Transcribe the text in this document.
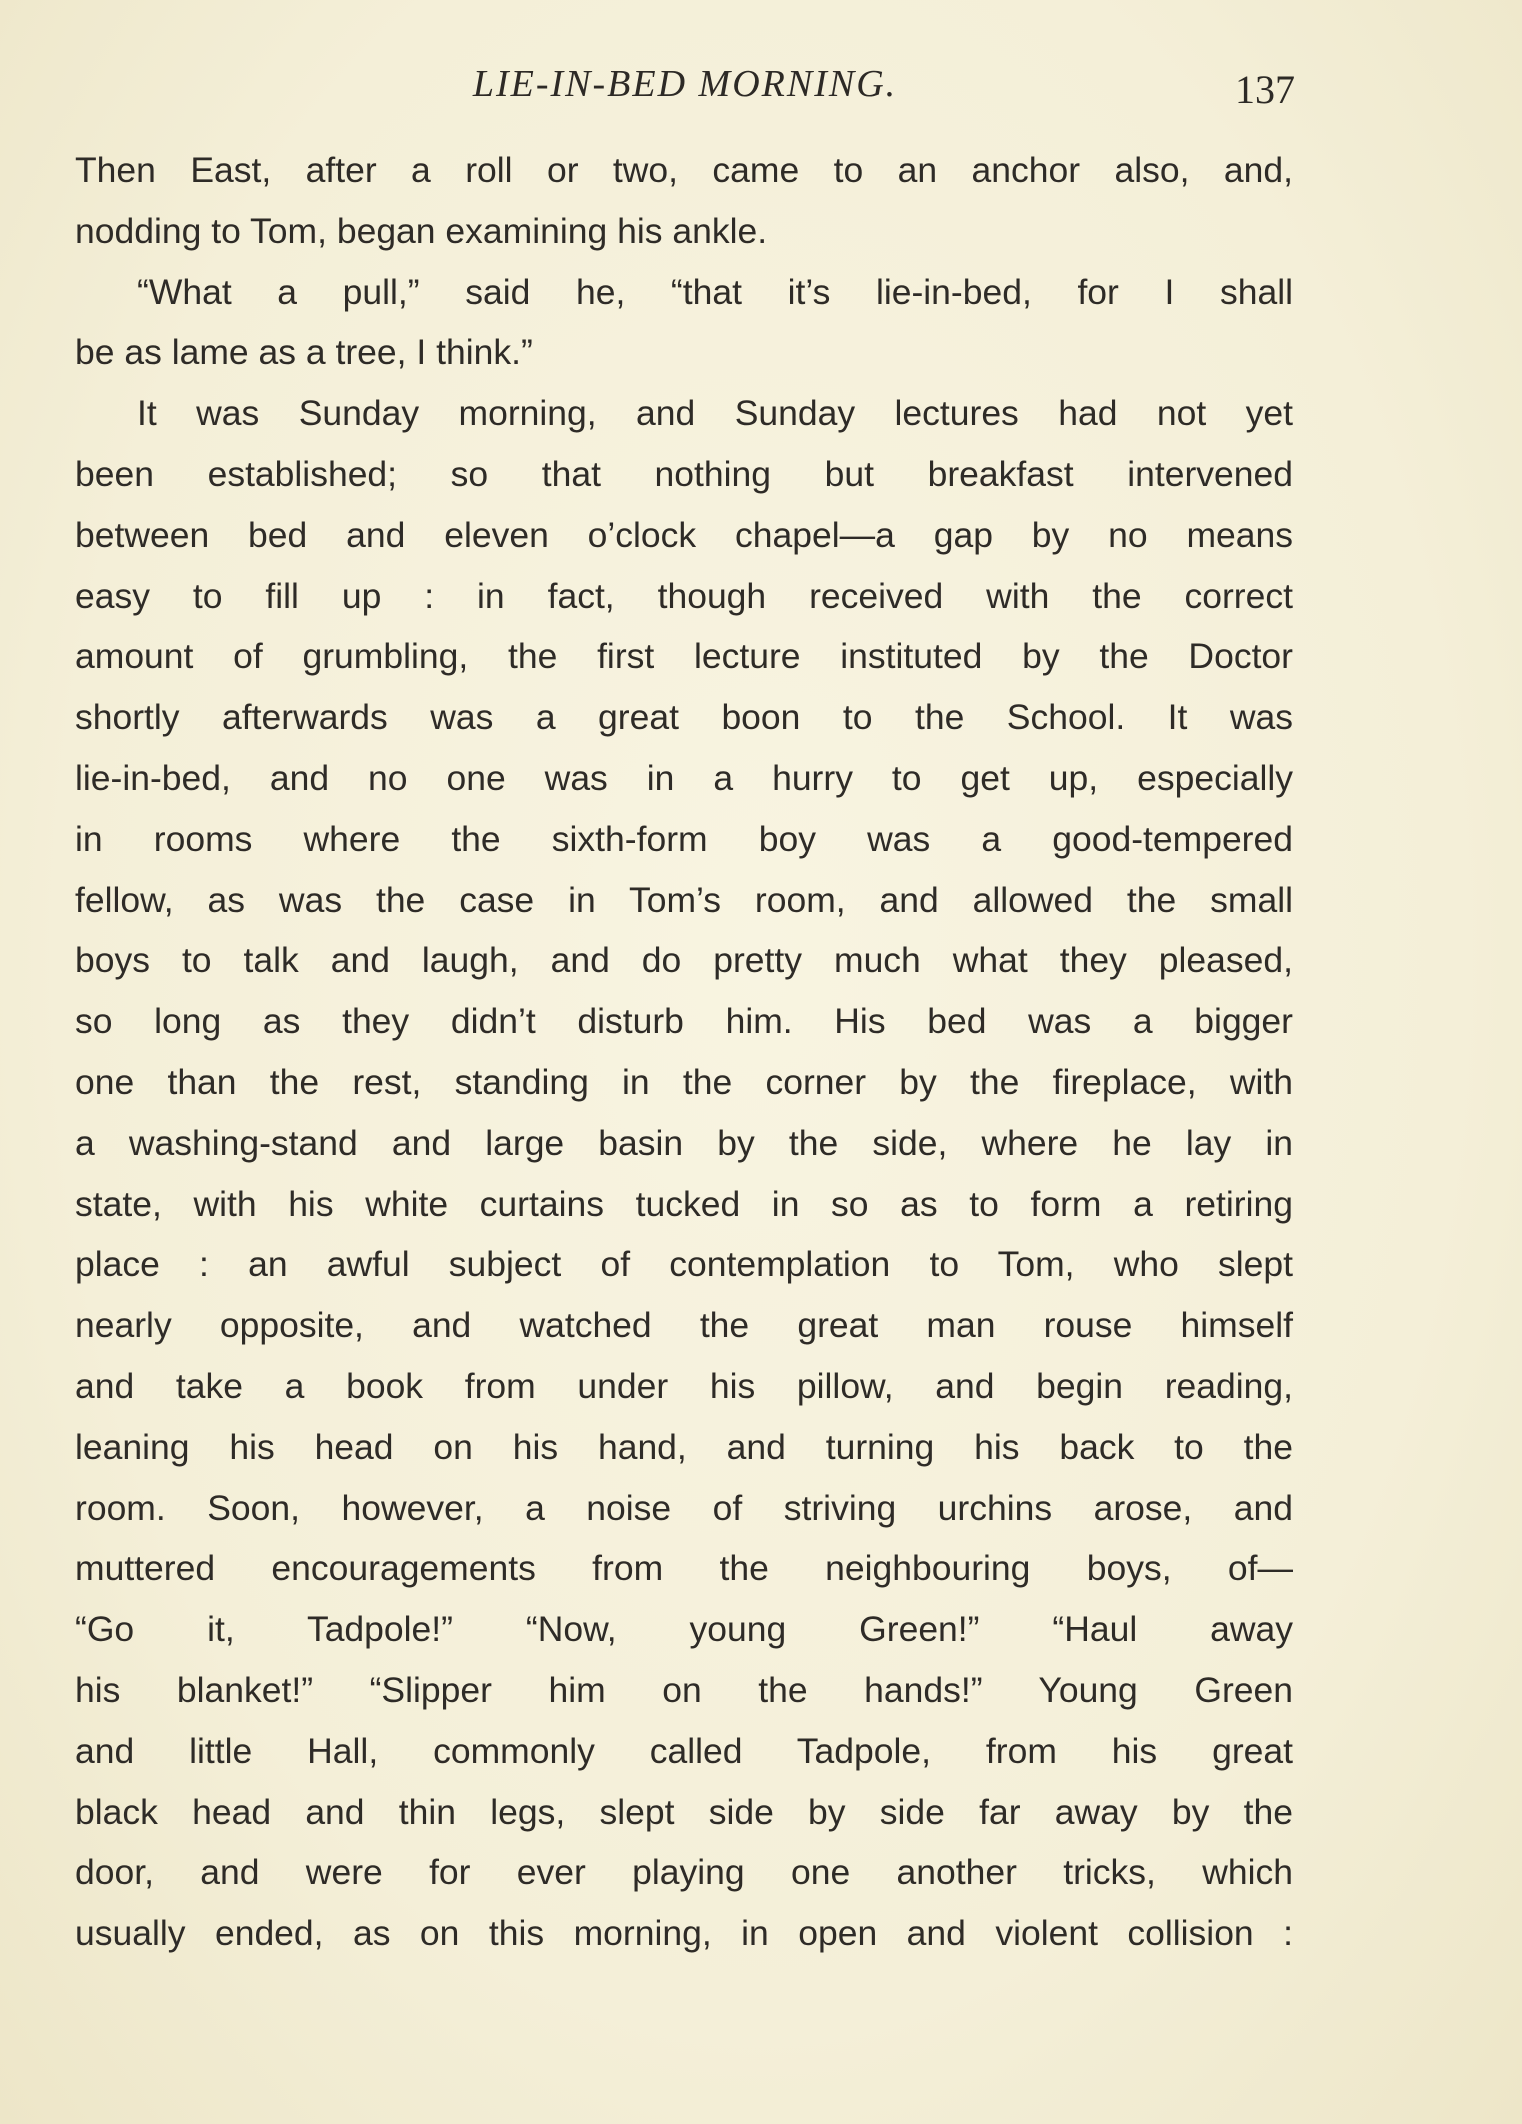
LIE-IN-BED MORNING.	137
Then East, after a roll or two, came to an anchor also, and,
nodding to Tom, began examining his ankle.
“What a pull,” said he, “that it’s lie-in-bed, for I shall
be as lame as a tree, I think.”
It was Sunday morning, and Sunday lectures had not yet
been established; so that nothing but breakfast intervened
between bed and eleven o’clock chapel—a gap by no means
easy to fill up : in fact, though received with the correct
amount of grumbling, the first lecture instituted by the Doctor
shortly afterwards was a great boon to the School. It was
lie-in-bed, and no one was in a hurry to get up, especially
in rooms where the sixth-form boy was a good-tempered
fellow, as was the case in Tom’s room, and allowed the small
boys to talk and laugh, and do pretty much what they pleased,
so long as they didn’t disturb him. His bed was a bigger
one than the rest, standing in the corner by the fireplace, with
a washing-stand and large basin by the side, where he lay in
state, with his white curtains tucked in so as to form a retiring
place : an awful subject of contemplation to Tom, who slept
nearly opposite, and watched the great man rouse himself
and take a book from under his pillow, and begin reading,
leaning his head on his hand, and turning his back to the
room. Soon, however, a noise of striving urchins arose, and
muttered encouragements from the neighbouring boys, of—
“Go it, Tadpole!” “Now, young Green!” “Haul away
his blanket!” “Slipper him on the hands!” Young Green
and little Hall, commonly called Tadpole, from his great
black head and thin legs, slept side by side far away by the
door, and were for ever playing one another tricks, which
usually ended, as on this morning, in open and violent collision :
